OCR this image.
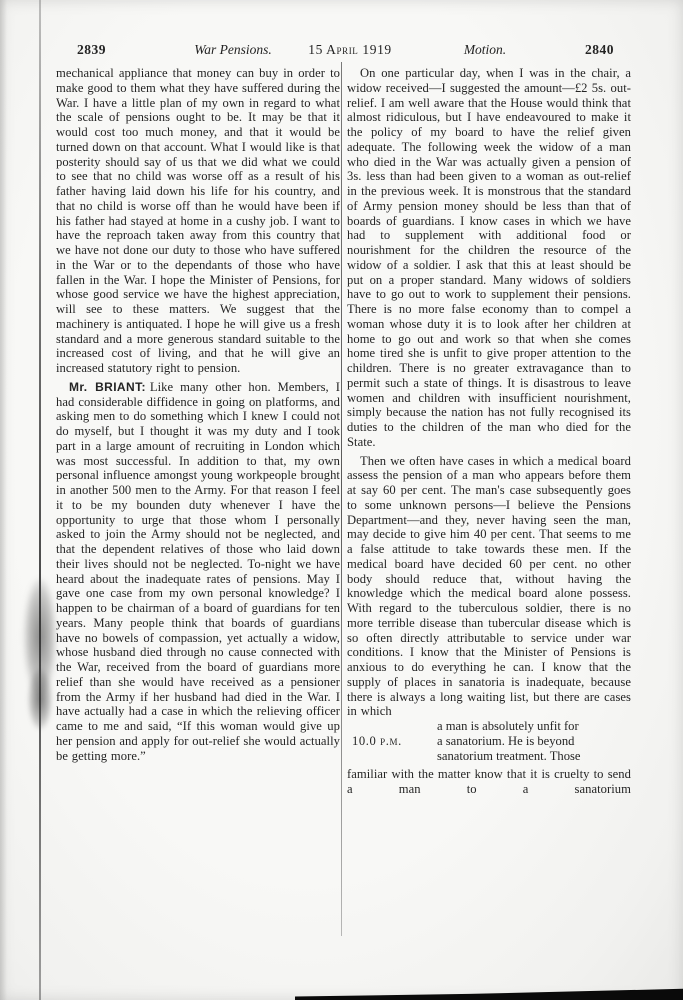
2839	War Pensions.	15 April 1919	Motion.	2840

mechanical appliance that money can buy in order to make good to them what they have suffered during the War. I have a little plan of my own in regard to what the scale of pensions ought to be. It may be that it would cost too much money, and that it would be turned down on that account. What I would like is that posterity should say of us that we did what we could to see that no child was worse off as a result of his father having laid down his life for his country, and that no child is worse off than he would have been if his father had stayed at home in a cushy job. I want to have the reproach taken away from this country that we have not done our duty to those who have suffered in the War or to the dependants of those who have fallen in the War. I hope the Minister of Pensions, for whose good service we have the highest appreciation, will see to these matters. We suggest that the machinery is antiquated. I hope he will give us a fresh standard and a more generous standard suitable to the increased cost of living, and that he will give an increased statutory right to pension.

Mr. BRIANT: Like many other hon. Members, I had considerable diffidence in going on platforms, and asking men to do something which I knew I could not do myself, but I thought it was my duty and I took part in a large amount of recruiting in London which was most successful. In addition to that, my own personal influence amongst young workpeople brought in another 500 men to the Army. For that reason I feel it to be my bounden duty whenever I have the opportunity to urge that those whom I personally asked to join the Army should not be neglected, and that the dependent relatives of those who laid down their lives should not be neglected. To-night we have heard about the inadequate rates of pensions. May I gave one case from my own personal knowledge? I happen to be chairman of a board of guardians for ten years. Many people think that boards of guardians have no bowels of compassion, yet actually a widow, whose husband died through no cause connected with the War, received from the board of guardians more relief than she would have received as a pensioner from the Army if her husband had died in the War. I have actually had a case in which the relieving officer came to me and said, “If this woman would give up her pension and apply for out-relief she would actually be getting more.”

On one particular day, when I was in the chair, a widow received—I suggested the amount—£2 5s. out-relief. I am well aware that the House would think that almost ridiculous, but I have endeavoured to make it the policy of my board to have the relief given adequate. The following week the widow of a man who died in the War was actually given a pension of 3s. less than had been given to a woman as out-relief in the previous week. It is monstrous that the standard of Army pension money should be less than that of boards of guardians. I know cases in which we have had to supplement with additional food or nourishment for the children the resource of the widow of a soldier. I ask that this at least should be put on a proper standard. Many widows of soldiers have to go out to work to supplement their pensions. There is no more false economy than to compel a woman whose duty it is to look after her children at home to go out and work so that when she comes home tired she is unfit to give proper attention to the children. There is no greater extravagance than to permit such a state of things. It is disastrous to leave women and children with insufficient nourishment, simply because the nation has not fully recognised its duties to the children of the man who died for the State.

Then we often have cases in which a medical board assess the pension of a man who appears before them at say 60 per cent. The man's case subsequently goes to some unknown persons—I believe the Pensions Department—and they, never having seen the man, may decide to give him 40 per cent. That seems to me a false attitude to take towards these men. If the medical board have decided 60 per cent. no other body should reduce that, without having the knowledge which the medical board alone possess. With regard to the tuberculous soldier, there is no more terrible disease than tubercular disease which is so often directly attributable to service under war conditions. I know that the Minister of Pensions is anxious to do everything he can. I know that the supply of places in sanatoria is inadequate, because there is always a long waiting list, but there are cases in which

10.0 p.m.
a man is absolutely unfit for
a sanatorium. He is beyond
sanatorium treatment. Those

familiar with the matter know that it is cruelty to send a man to a sanatorium
